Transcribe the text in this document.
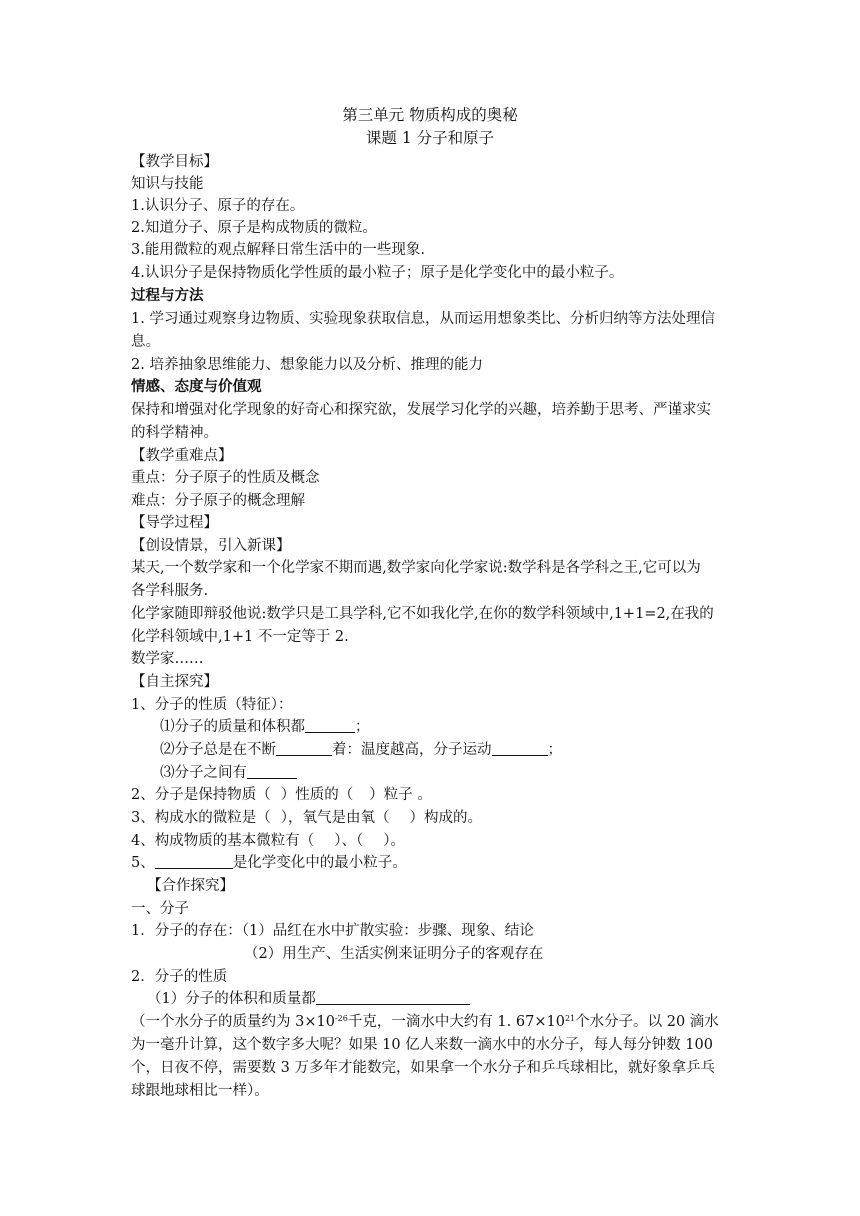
第三单元 物质构成的奥秘
课题 1 分子和原子
【教学目标】
知识与技能
1.认识分子、原子的存在。
2.知道分子、原子是构成物质的微粒。
3.能用微粒的观点解释日常生活中的一些现象.
4.认识分子是保持物质化学性质的最小粒子；原子是化学变化中的最小粒子。
过程与方法
1. 学习通过观察身边物质、实验现象获取信息，从而运用想象类比、分析归纳等方法处理信
息。
2. 培养抽象思维能力、想象能力以及分析、推理的能力
情感、态度与价值观
保持和增强对化学现象的好奇心和探究欲，发展学习化学的兴趣，培养勤于思考、严谨求实
的科学精神。
【教学重难点】
重点：分子原子的性质及概念
难点：分子原子的概念理解
【导学过程】
【创设情景，引入新课】
某天,一个数学家和一个化学家不期而遇,数学家向化学家说:数学科是各学科之王,它可以为
各学科服务.
化学家随即辩驳他说:数学只是工具学科,它不如我化学,在你的数学科领域中,1+1=2,在我的
化学科领域中,1+1 不一定等于 2.
数学家……
【自主探究】
1、分子的性质（特征）：
⑴分子的质量和体积都	；
⑵分子总是在不断	着：温度越高，分子运动	；
⑶分子之间有
2、分子是保持物质（ ）性质的（ ）粒子 。
3、构成水的微粒是（ ），氧气是由氧（ ）构成的。
4、构成物质的基本微粒有（ ）、（ ）。
5、	是化学变化中的最小粒子。
【合作探究】
一、分子
1．分子的存在：（1）品红在水中扩散实验：步骤、现象、结论
（2）用生产、生活实例来证明分子的客观存在
2．分子的性质
（1）分子的体积和质量都
（一个水分子的质量约为 $3\times 10^{-26}$千克，一滴水中大约有 1. $67\times 10^{21}$个水分子。以 20 滴水
为一毫升计算，这个数字多大呢？如果 10 亿人来数一滴水中的水分子，每人每分钟数 100
个，日夜不停，需要数 3 万多年才能数完，如果拿一个水分子和乒乓球相比，就好象拿乒乓
球跟地球相比一样）。
